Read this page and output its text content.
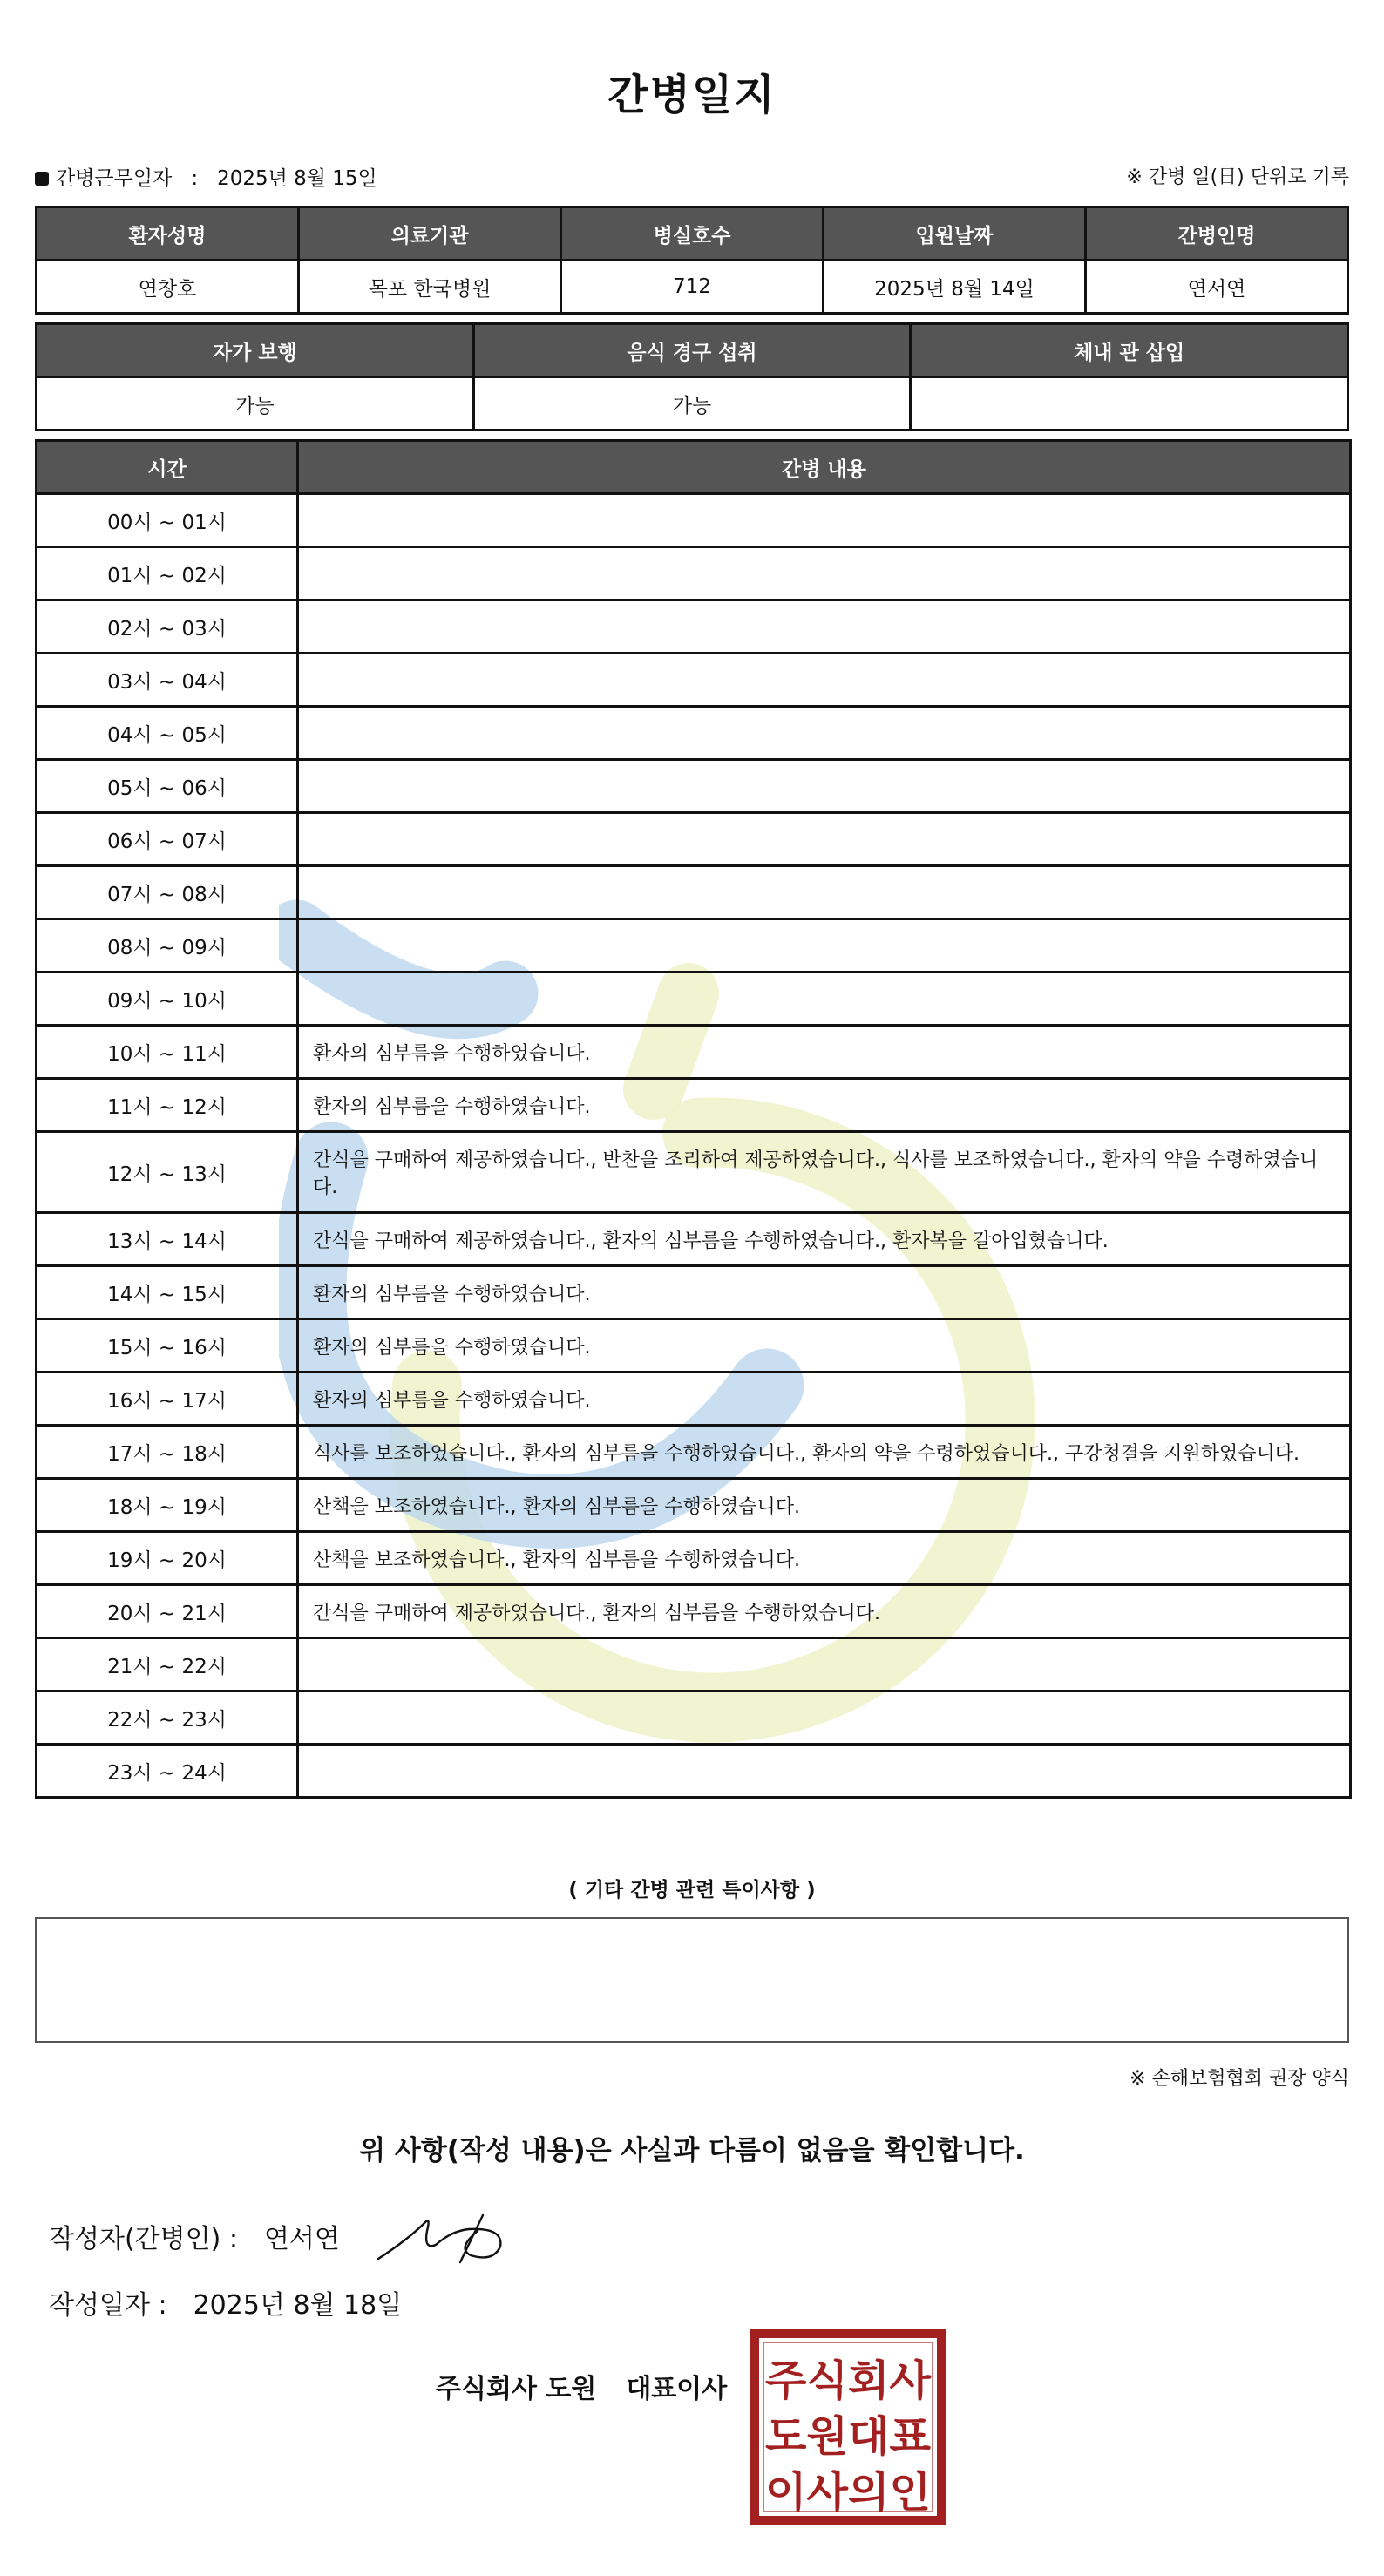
간병일지
간병근무일자 : 2025년 8월 15일	※ 간병 일(日) 단위로 기록
환자성명	의료기관	병실호수	입원날짜	간병인명
연창호	목포 한국병원	712	2025년 8월 14일	연서연
자가 보행	음식 경구 섭취	체내 관 삽입
가능	가능	
시간	간병 내용
00시 ~ 01시	
01시 ~ 02시	
02시 ~ 03시	
03시 ~ 04시	
04시 ~ 05시	
05시 ~ 06시	
06시 ~ 07시	
07시 ~ 08시	
08시 ~ 09시	
09시 ~ 10시	
10시 ~ 11시	환자의 심부름을 수행하였습니다.
11시 ~ 12시	환자의 심부름을 수행하였습니다.
12시 ~ 13시	간식을 구매하여 제공하였습니다., 반찬을 조리하여 제공하였습니다., 식사를 보조하였습니다., 환자의 약을 수령하였습니다.
13시 ~ 14시	간식을 구매하여 제공하였습니다., 환자의 심부름을 수행하였습니다., 환자복을 갈아입혔습니다.
14시 ~ 15시	환자의 심부름을 수행하였습니다.
15시 ~ 16시	환자의 심부름을 수행하였습니다.
16시 ~ 17시	환자의 심부름을 수행하였습니다.
17시 ~ 18시	식사를 보조하였습니다., 환자의 심부름을 수행하였습니다., 환자의 약을 수령하였습니다., 구강청결을 지원하였습니다.
18시 ~ 19시	산책을 보조하였습니다., 환자의 심부름을 수행하였습니다.
19시 ~ 20시	산책을 보조하였습니다., 환자의 심부름을 수행하였습니다.
20시 ~ 21시	간식을 구매하여 제공하였습니다., 환자의 심부름을 수행하였습니다.
21시 ~ 22시	
22시 ~ 23시	
23시 ~ 24시	
( 기타 간병 관련 특이사항 )
※ 손해보험협회 권장 양식
위 사항(작성 내용)은 사실과 다름이 없음을 확인합니다.
작성자(간병인) : 연서연
작성일자 : 2025년 8월 18일
주식회사 도원 대표이사 주식회사
도원대표
이사의인
